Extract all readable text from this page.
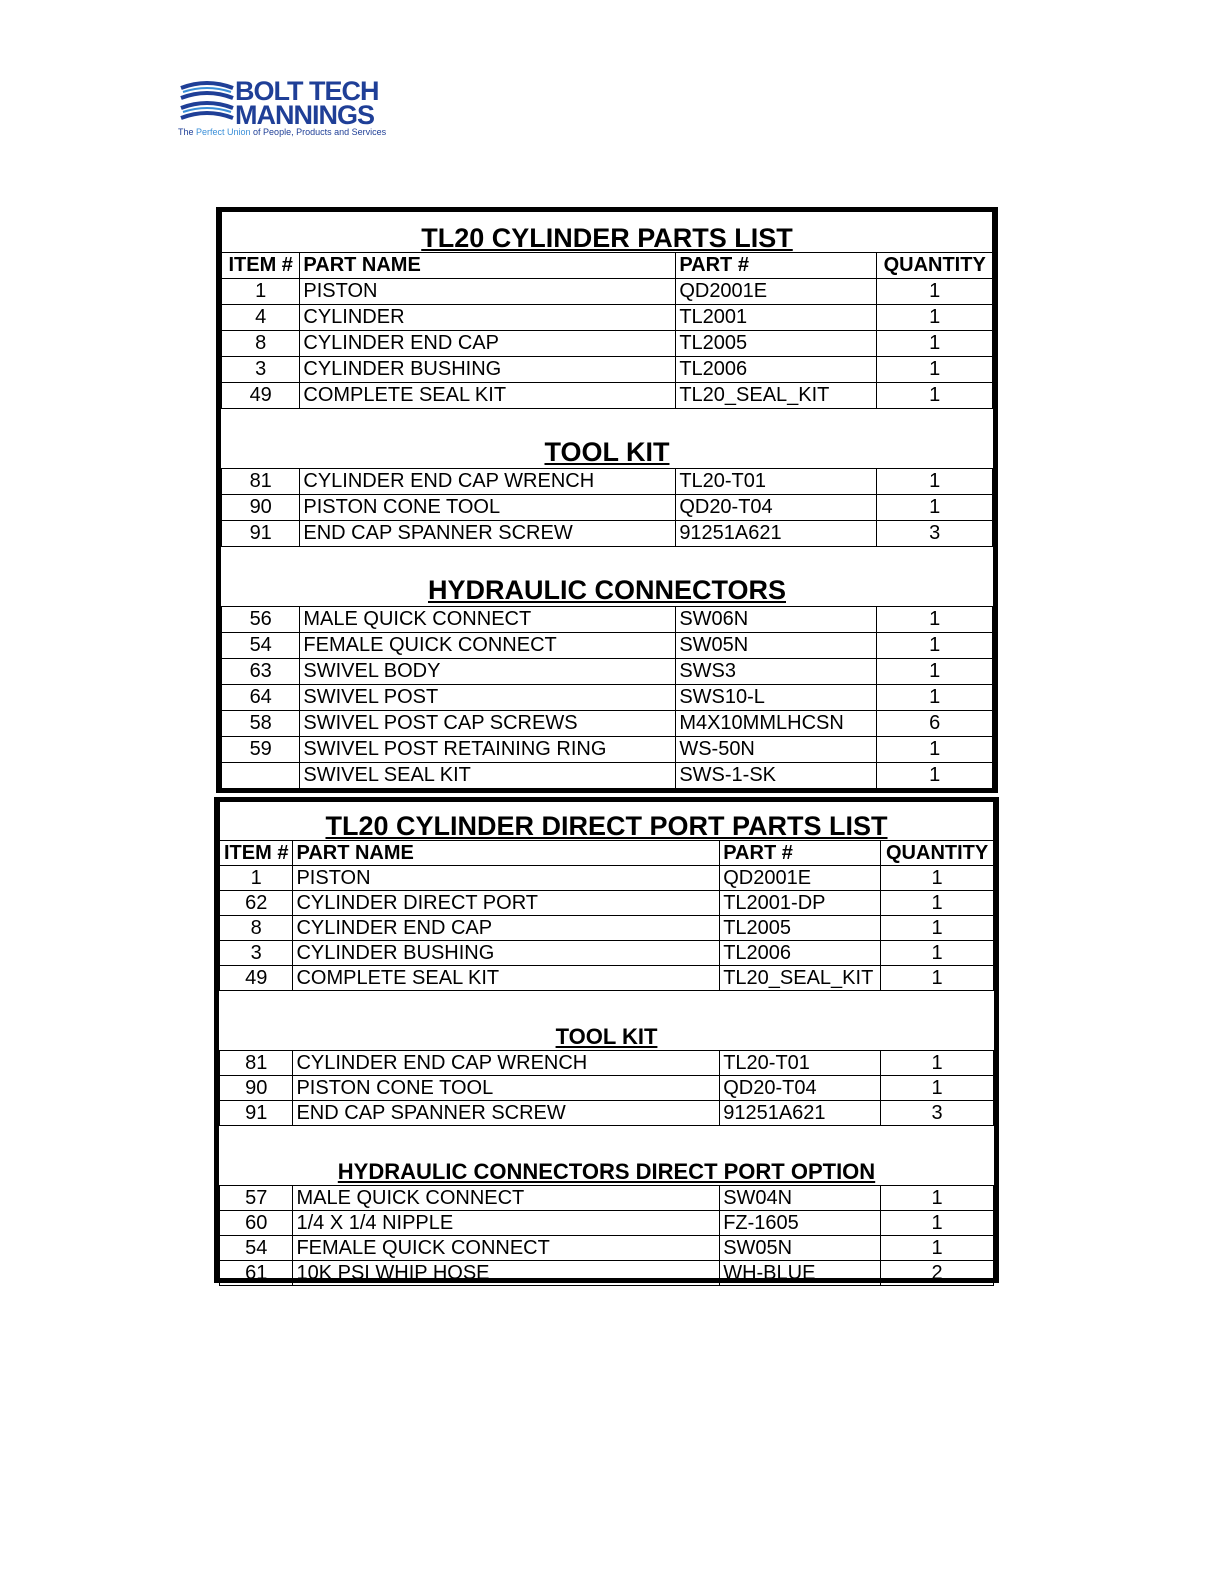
BOLT TECH
MANNINGS
The Perfect Union of People, Products and Services
TL20 CYLINDER PARTS LIST			
ITEM #	PART NAME	PART #	QUANTITY
1	PISTON	QD2001E	1
4	CYLINDER	TL2001	1
8	CYLINDER END CAP	TL2005	1
3	CYLINDER BUSHING	TL2006	1
49	COMPLETE SEAL KIT	TL20_SEAL_KIT	1
TOOL KIT			
81	CYLINDER END CAP WRENCH	TL20-T01	1
90	PISTON CONE TOOL	QD20-T04	1
91	END CAP SPANNER SCREW	91251A621	3
HYDRAULIC CONNECTORS			
56	MALE QUICK CONNECT	SW06N	1
54	FEMALE QUICK CONNECT	SW05N	1
63	SWIVEL BODY	SWS3	1
64	SWIVEL POST	SWS10-L	1
58	SWIVEL POST CAP SCREWS	M4X10MMLHCSN	6
59	SWIVEL POST RETAINING RING	WS-50N	1
	SWIVEL SEAL KIT	SWS-1-SK	1
TL20 CYLINDER DIRECT PORT PARTS LIST			
ITEM #	PART NAME	PART #	QUANTITY
1	PISTON	QD2001E	1
62	CYLINDER DIRECT PORT	TL2001-DP	1
8	CYLINDER END CAP	TL2005	1
3	CYLINDER BUSHING	TL2006	1
49	COMPLETE SEAL KIT	TL20_SEAL_KIT	1
TOOL KIT			
81	CYLINDER END CAP WRENCH	TL20-T01	1
90	PISTON CONE TOOL	QD20-T04	1
91	END CAP SPANNER SCREW	91251A621	3
HYDRAULIC CONNECTORS DIRECT PORT OPTION			
57	MALE QUICK CONNECT	SW04N	1
60	1/4 X 1/4 NIPPLE	FZ-1605	1
54	FEMALE QUICK CONNECT	SW05N	1
61	10K PSI WHIP HOSE	WH-BLUE	2
